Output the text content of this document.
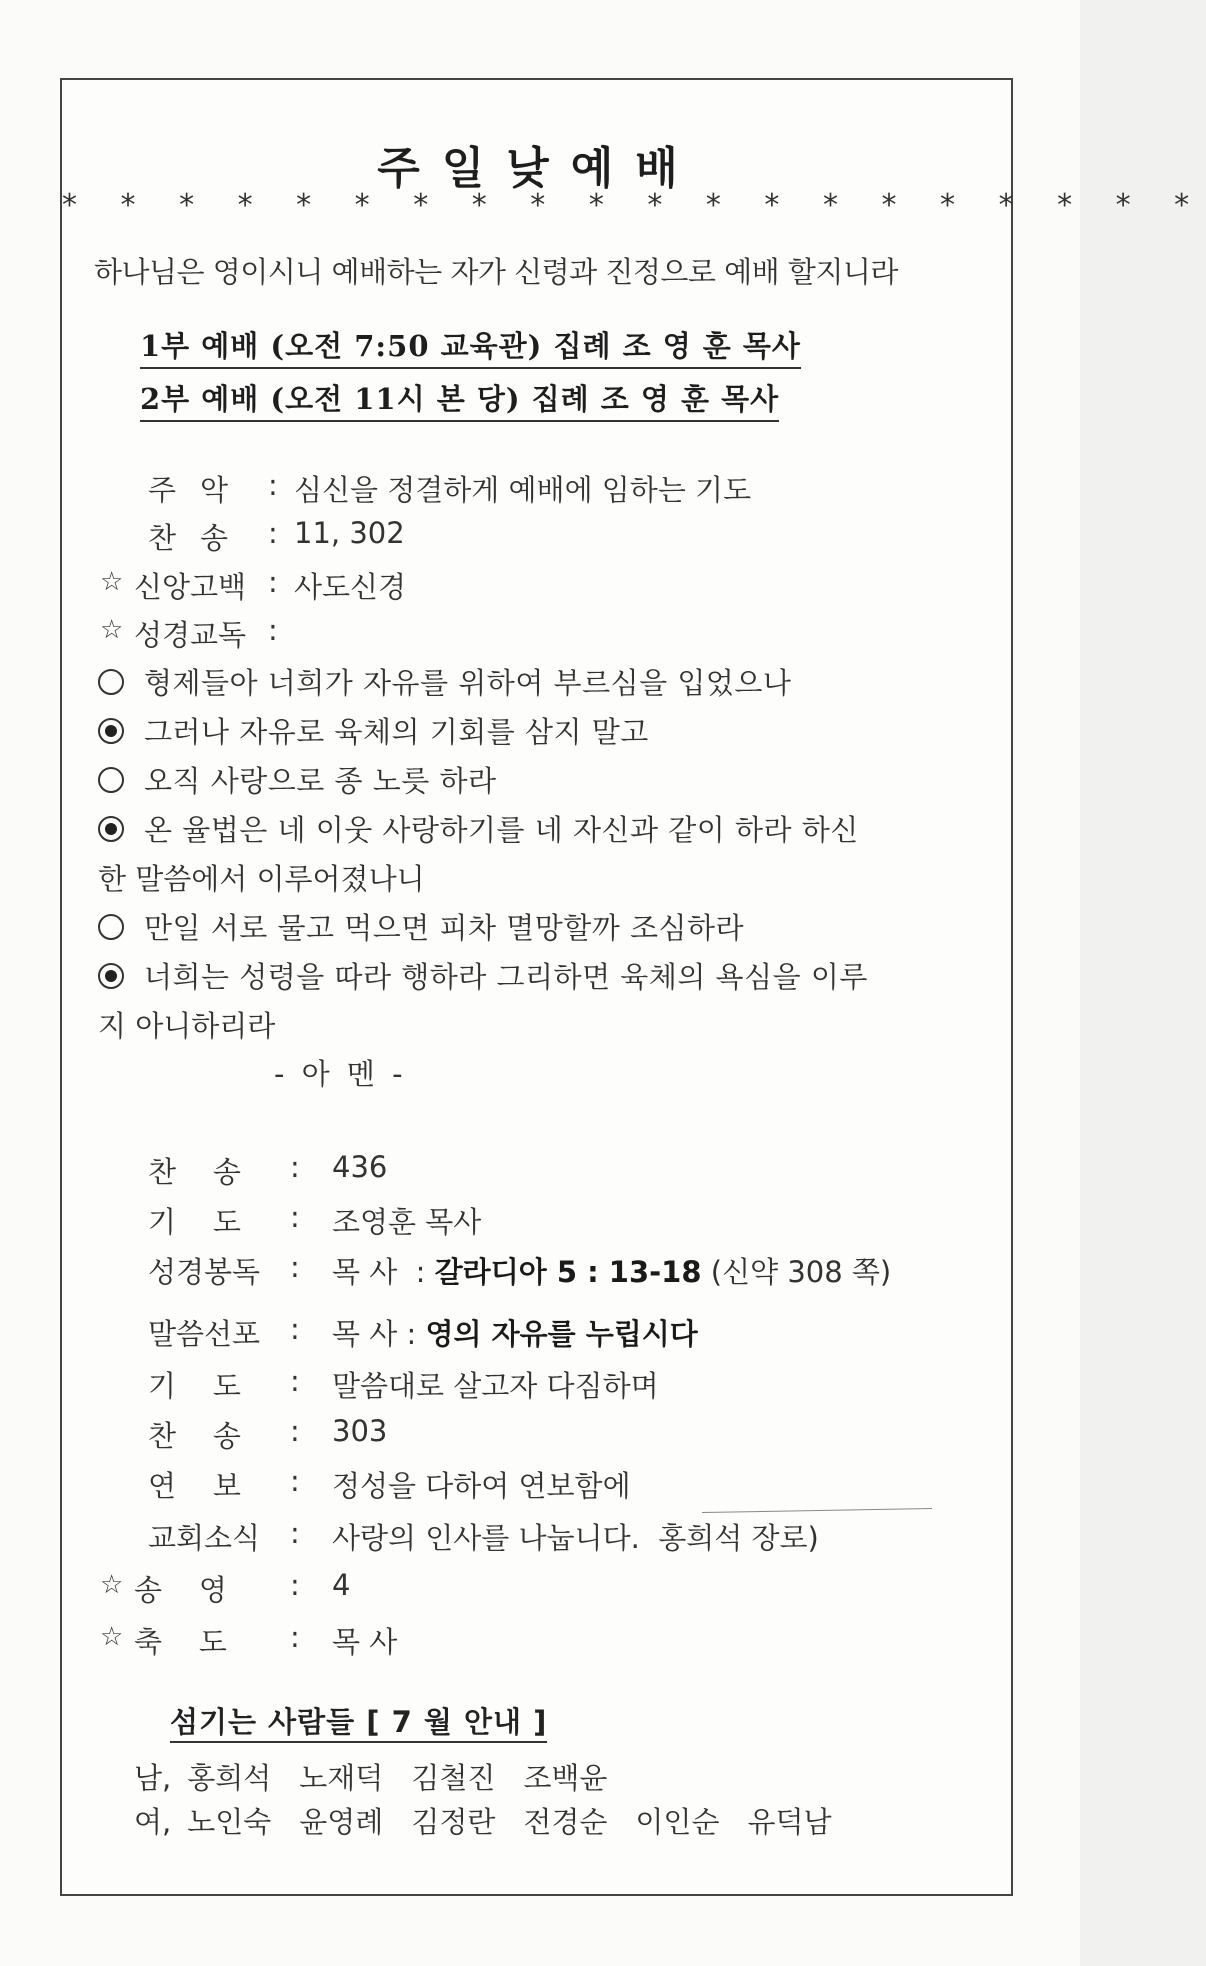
주일낮예배
* * * * * * * * * * * * * * * * * * * *
하나님은 영이시니 예배하는 자가 신령과 진정으로 예배 할지니라
1부 예배 (오전 7:50 교육관) 집례 조 영 훈 목사
2부 예배 (오전 11시 본 당) 집례 조 영 훈 목사
주악 : 심신을 정결하게 예배에 임하는 기도
찬송 : 11, 302
☆ 신앙고백 : 사도신경
☆ 성경교독 :
형제들아 너희가 자유를 위하여 부르심을 입었으나
그러나 자유로 육체의 기회를 삼지 말고
오직 사랑으로 종 노릇 하라
온 율법은 네 이웃 사랑하기를 네 자신과 같이 하라 하신
한 말씀에서 이루어졌나니
만일 서로 물고 먹으면 피차 멸망할까 조심하라
너희는 성령을 따라 행하라 그리하면 육체의 욕심을 이루
지 아니하리라
- 아 멘 -
찬    송 : 436
기    도 : 조영훈 목사
성경봉독 : 목 사  : 갈라디아 5 : 13-18 (신약 308 쪽)
말씀선포 : 목 사 : 영의 자유를 누립시다
기    도 : 말씀대로 살고자 다짐하며
찬    송 : 303
연    보 : 정성을 다하여 연보함에
교회소식 : 사랑의 인사를 나눕니다.  홍희석 장로)
☆ 송    영 : 4
☆ 축    도 : 목 사
섬기는 사람들 [ 7 월 안내 ]
남, 홍희석 노재덕 김철진 조백윤
여, 노인숙 윤영례 김정란 전경순 이인순 유덕남
